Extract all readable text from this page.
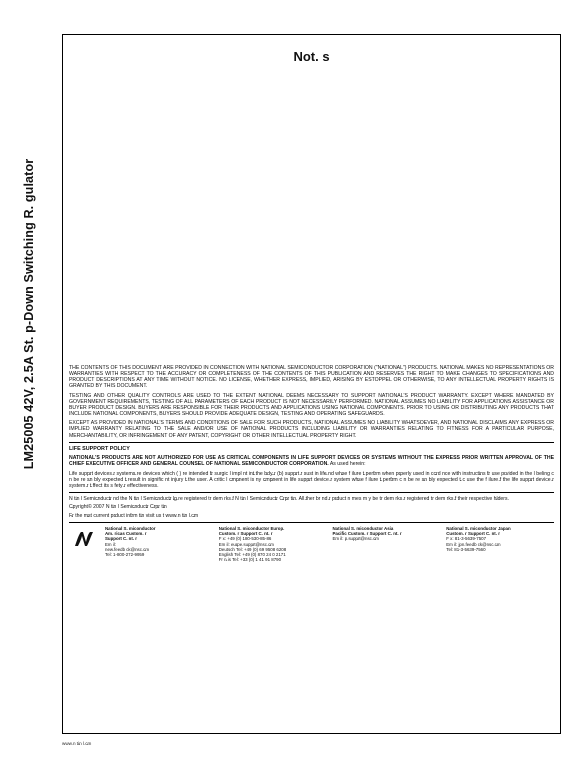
LM25005 42V, 2.5A St. p-Down Switching R. gulator
Not. s

THE CONTENTS OF THIS DOCUMENT ARE PROVIDED IN CONNECTION WITH NATIONAL SEMICONDUCTOR CORPORATION ("NATIONAL") PRODUCTS. NATIONAL MAKES NO REPRESENTATIONS OR WARRANTIES WITH RESPECT TO THE ACCURACY OR COMPLETENESS OF THE CONTENTS OF THIS PUBLICATION AND RESERVES THE RIGHT TO MAKE CHANGES TO SPECIFICATIONS AND PRODUCT DESCRIPTIONS AT ANY TIME WITHOUT NOTICE. NO LICENSE, WHETHER EXPRESS, IMPLIED, ARISING BY ESTOPPEL OR OTHERWISE, TO ANY INTELLECTUAL PROPERTY RIGHTS IS GRANTED BY THIS DOCUMENT.

TESTING AND OTHER QUALITY CONTROLS ARE USED TO THE EXTENT NATIONAL DEEMS NECESSARY TO SUPPORT NATIONAL'S PRODUCT WARRANTY. EXCEPT WHERE MANDATED BY GOVERNMENT REQUIREMENTS, TESTING OF ALL PARAMETERS OF EACH PRODUCT IS NOT NECESSARILY PERFORMED. NATIONAL ASSUMES NO LIABILITY FOR APPLICATIONS ASSISTANCE OR BUYER PRODUCT DESIGN. BUYERS ARE RESPONSIBLE FOR THEIR PRODUCTS AND APPLICATIONS USING NATIONAL COMPONENTS. PRIOR TO USING OR DISTRIBUTING ANY PRODUCTS THAT INCLUDE NATIONAL COMPONENTS, BUYERS SHOULD PROVIDE ADEQUATE DESIGN, TESTING AND OPERATING SAFEGUARDS.

EXCEPT AS PROVIDED IN NATIONAL'S TERMS AND CONDITIONS OF SALE FOR SUCH PRODUCTS, NATIONAL ASSUMES NO LIABILITY WHATSOEVER, AND NATIONAL DISCLAIMS ANY EXPRESS OR IMPLIED WARRANTY RELATING TO THE SALE AND/OR USE OF NATIONAL PRODUCTS INCLUDING LIABILITY OR WARRANTIES RELATING TO FITNESS FOR A PARTICULAR PURPOSE, MERCHANTABILITY, OR INFRINGEMENT OF ANY PATENT, COPYRIGHT OR OTHER INTELLECTUAL PROPERTY RIGHT.

LIFE SUPPORT POLICY

NATIONAL'S PRODUCTS ARE NOT AUTHORIZED FOR USE AS CRITICAL COMPONENTS IN LIFE SUPPORT DEVICES OR SYSTEMS WITHOUT THE EXPRESS PRIOR WRITTEN APPROVAL OF THE CHIEF EXECUTIVE OFFICER AND GENERAL COUNSEL OF NATIONAL SEMICONDUCTOR CORPORATION. As used herein:

Life supp̵rt devices ̵r systems̵ re devices which ( ) re intended f̵r surgic l impl nt int̵ the b̵dy̵ ̵r (b) supp̵rt ̵r sust in life̵ nd wh̵se f ilure t̵ perf̵rm when pr̵perly used in cc̵rd nce with instructi̵ns f̵r use pr̵vided in the l beling c n be re s̵n bly expected t̵ result in signific nt injury t̵ the user. A critic l c̵mp̵nent is ny c̵mp̵nent in life supp̵rt device ̵r system wh̵se f ilure t̵ perf̵rm c n be re s̵n bly expected t̵ c use the f ilure ̵f the life supp̵rt device ̵r system ̵r t̵ ffect its s fety ̵r effectiveness.

N ti̵n l Semic̵nduct̵r nd the N ti̵n l Semic̵nduct̵r l̵g̵ re registered tr dem rks ̵f N ti̵n l Semic̵nduct̵r C̵rp̵r ti̵n. All ̵ther br nd ̵r pr̵duct n mes m y be tr dem rks ̵r registered tr dem rks ̵f their respective h̵lders.

C̵pyright© 2007 N ti̵n l Semic̵nduct̵r C̵rp̵r ti̵n

F̵r the m̵st current pr̵duct inf̵rm ti̵n visit us t www.n ti̵n l.c̵m

National S. miconductor
Am. ricas Custom. r
Support C. nt. r
Em il:
new.feedb ck@nsc.c̵m
Tel: 1-800-272-9959
National S. miconductor Europ.
Custom. r Support C. nt. r
F x: +49 (0) 180-530-85-86
Em il: eur̵pe.supp̵rt@nsc.c̵m
Deutsch Tel: +49 (0) 69 9508 6208
English Tel: +49 (0) 870 24 0 2171
Fr n̵ is Tel: +33 (0) 1 41 91 8790
National S. miconductor Asia
Pacific Custom. r Support C. nt. r
Em il: p.supp̵rt@nsc.c̵m
National S. miconductor Japan
Custom. r Support C. nt. r
F x: 81-3-5639-7507
Em il: jpn.feedb ck@nsc.c̵m
Tel: 81-3-5639-7560
www.n ti̵n l.c̵m
